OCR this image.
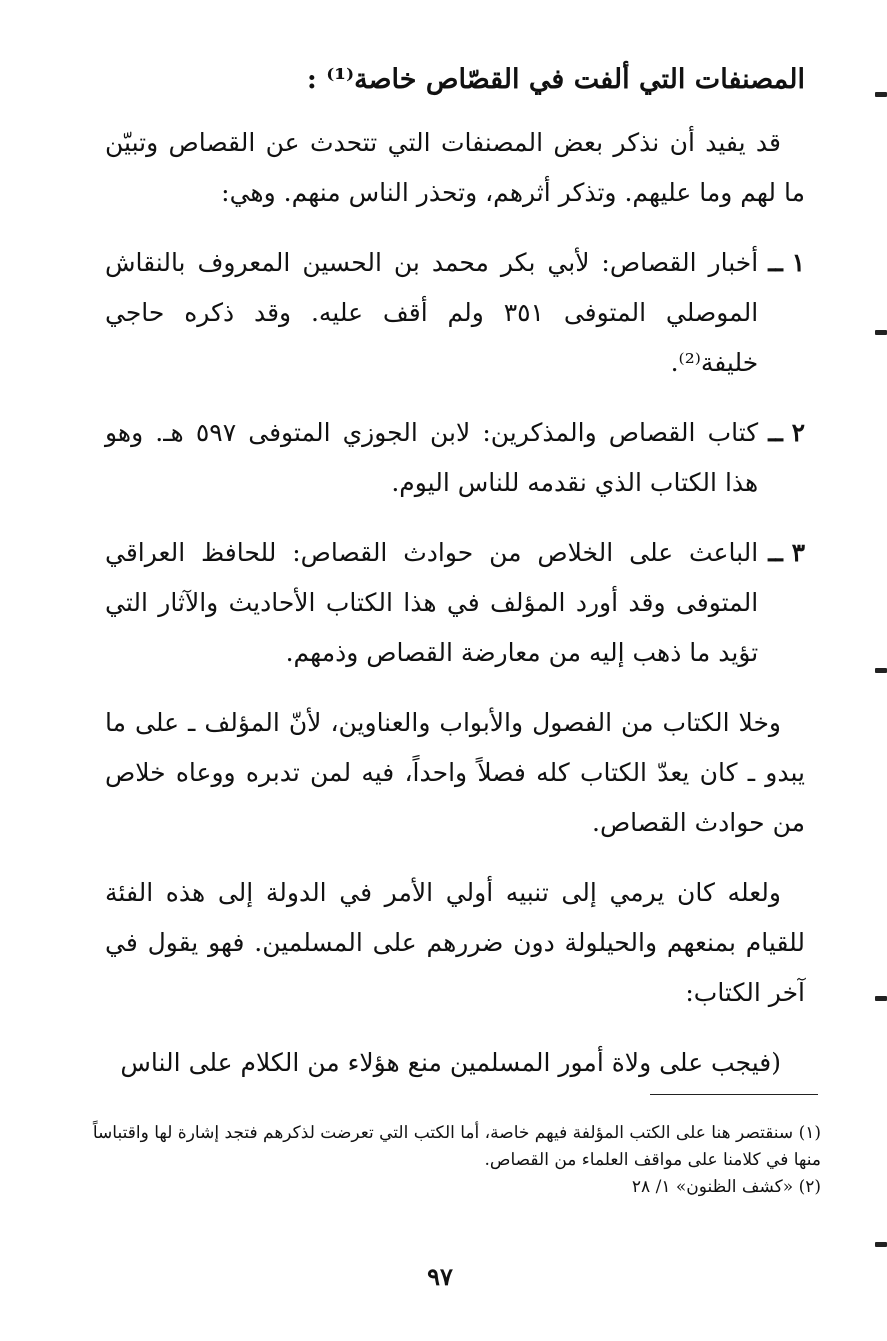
المصنفات التي ألفت في القصّاص خاصة⁽¹⁾ :

قد يفيد أن نذكر بعض المصنفات التي تتحدث عن القصاص وتبيّن ما لهم وما عليهم. وتذكر أثرهم، وتحذر الناس منهم. وهي:

١ ــ
أخبار القصاص: لأبي بكر محمد بن الحسين المعروف بالنقاش الموصلي المتوفى ٣٥١ ولم أقف عليه. وقد ذكره حاجي خليفة⁽²⁾.
٢ ــ
كتاب القصاص والمذكرين: لابن الجوزي المتوفى ٥٩٧ هـ. وهو هذا الكتاب الذي نقدمه للناس اليوم.
٣ ــ
الباعث على الخلاص من حوادث القصاص: للحافظ العراقي المتوفى وقد أورد المؤلف في هذا الكتاب الأحاديث والآثار التي تؤيد ما ذهب إليه من معارضة القصاص وذمهم.

وخلا الكتاب من الفصول والأبواب والعناوين، لأنّ المؤلف ـ على ما يبدو ـ كان يعدّ الكتاب كله فصلاً واحداً، فيه لمن تدبره ووعاه خلاص من حوادث القصاص.

ولعله كان يرمي إلى تنبيه أولي الأمر في الدولة إلى هذه الفئة للقيام بمنعهم والحيلولة دون ضررهم على المسلمين. فهو يقول في آخر الكتاب:

(فيجب على ولاة أمور المسلمين منع هؤلاء من الكلام على الناس

(١) سنقتصر هنا على الكتب المؤلفة فيهم خاصة، أما الكتب التي تعرضت لذكرهم فتجد إشارة لها واقتباساً منها في كلامنا على مواقف العلماء من القصاص.

(٢) «كشف الظنون» ١/ ٢٨

٩٧
